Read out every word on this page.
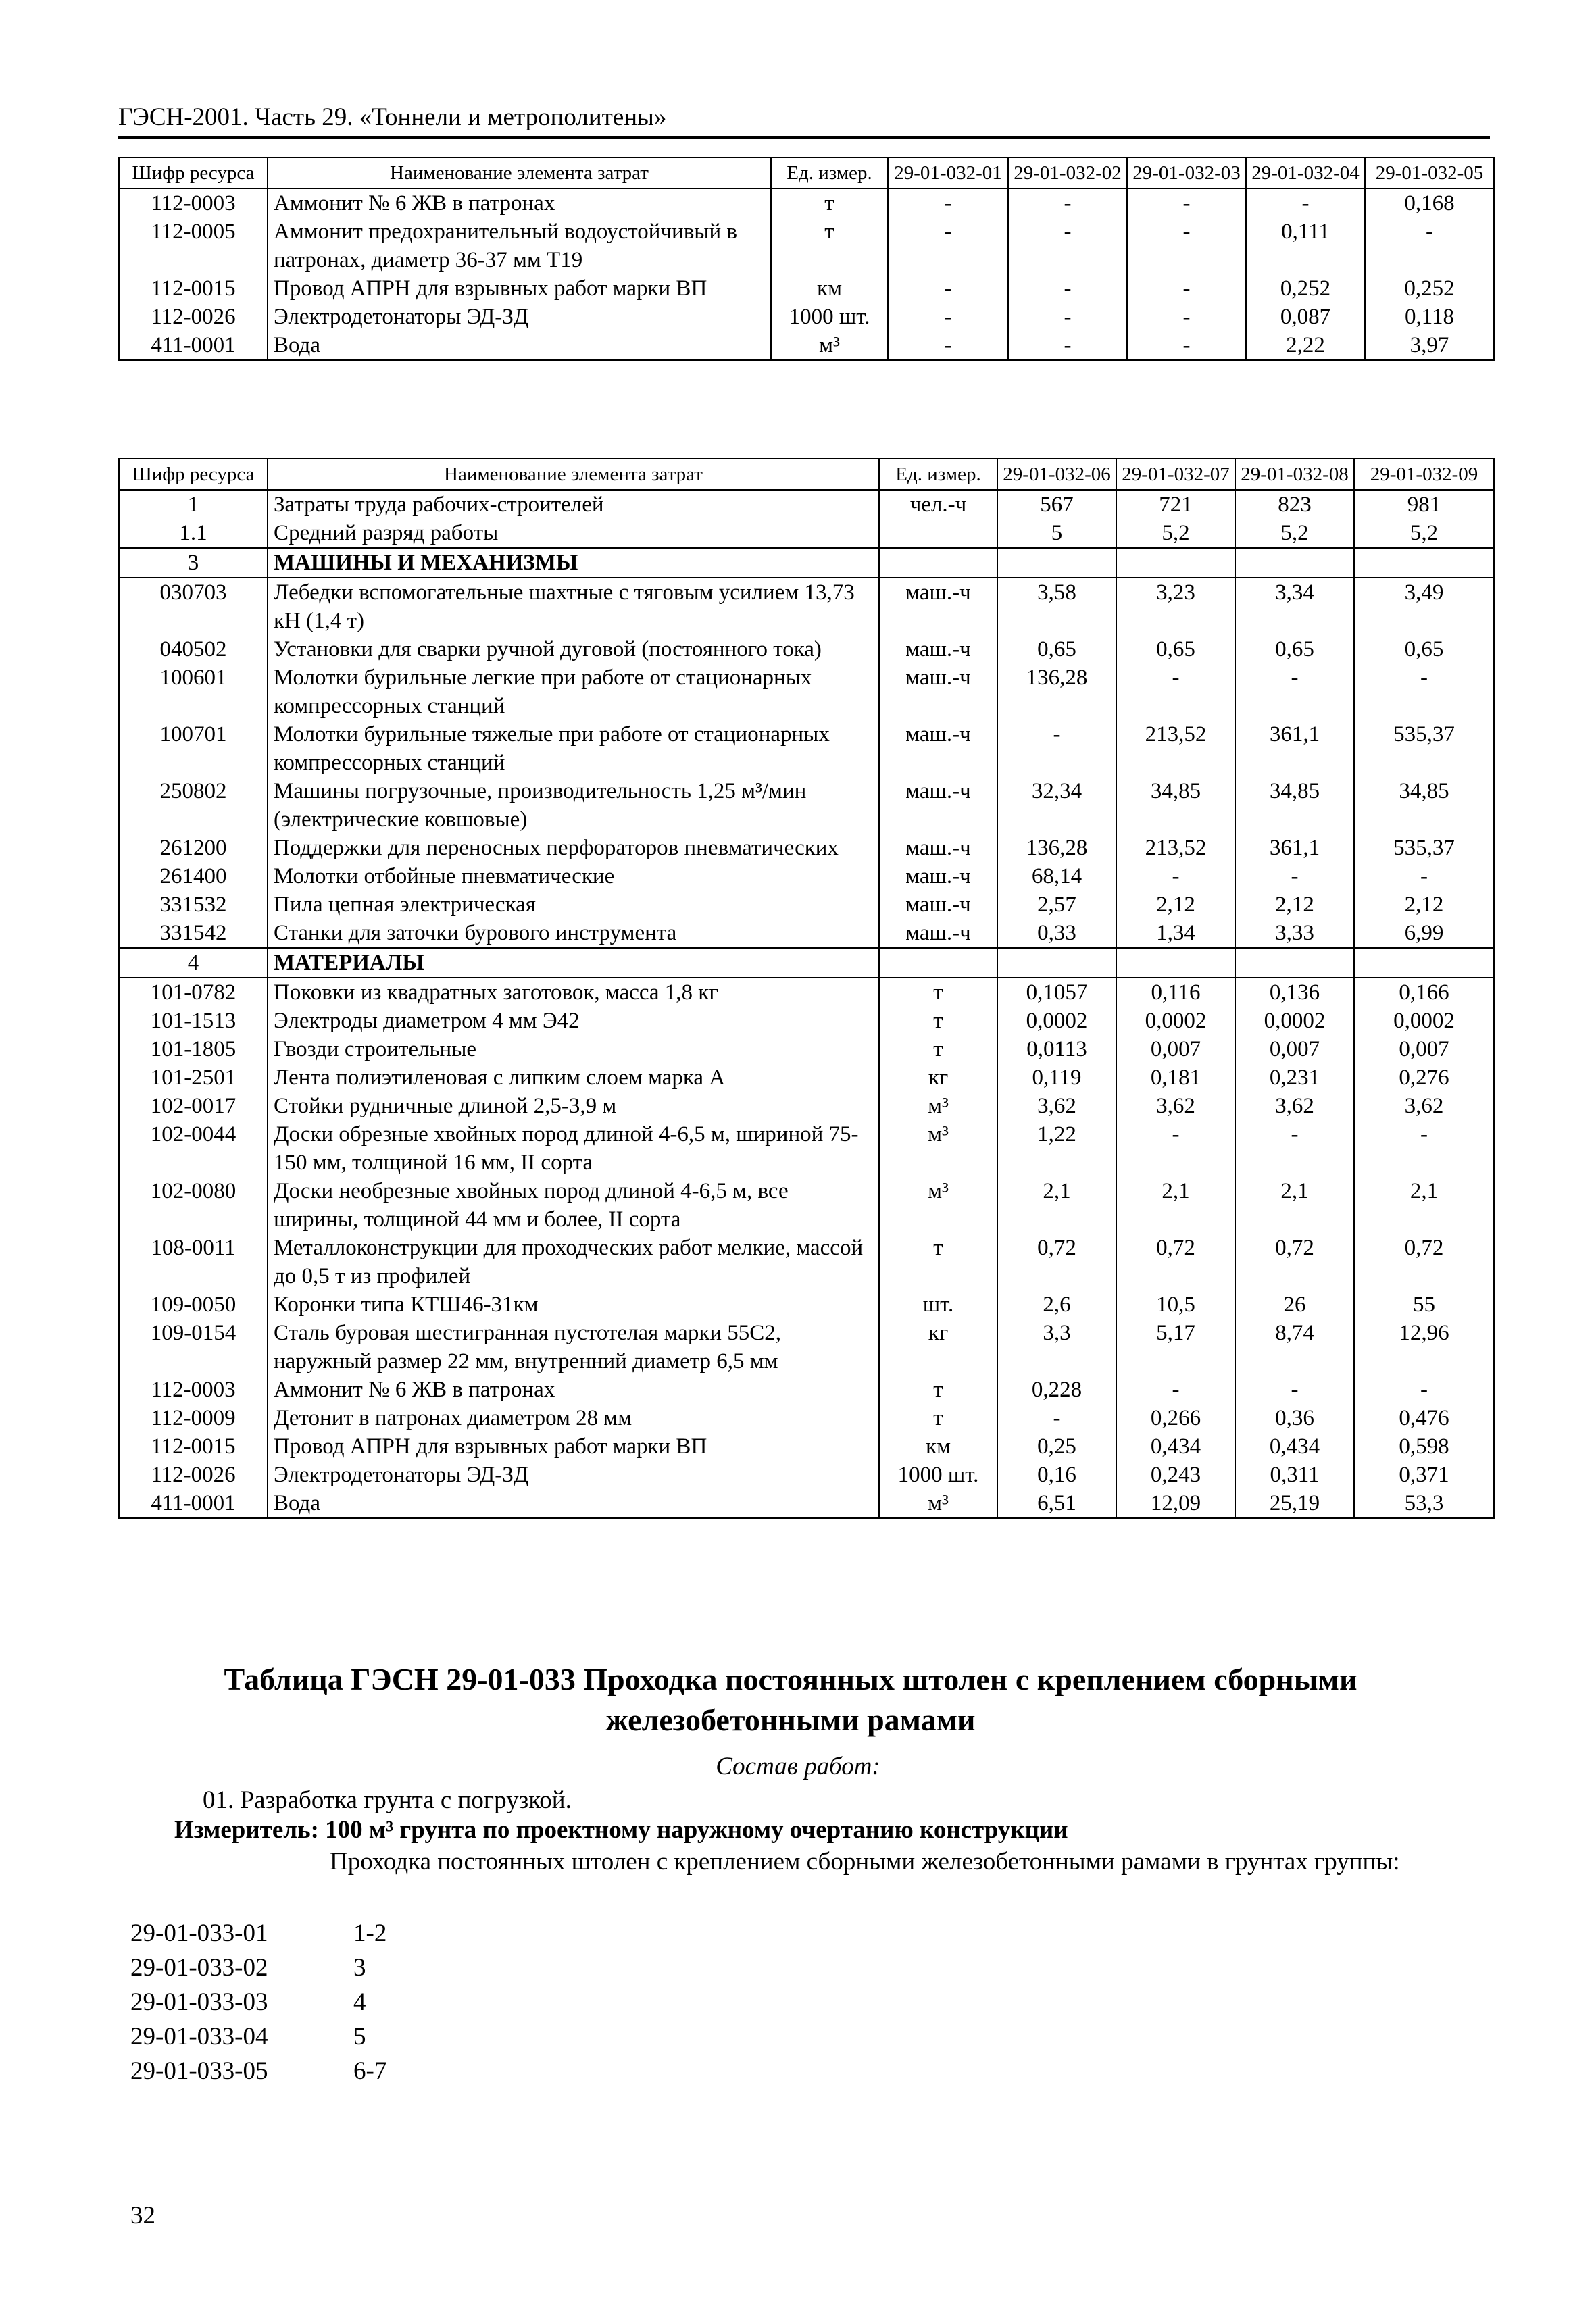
ГЭСН-2001. Часть 29. «Тоннели и метрополитены»
Шифр ресурса	Наименование элемента затрат	Ед. измер.	29-01-032-01	29-01-032-02	29-01-032-03	29-01-032-04	29-01-032-05
112-0003	Аммонит № 6 ЖВ в патронах	т	-	-	-	-	0,168
112-0005	Аммонит предохранительный водоустойчивый в патронах, диаметр 36-37 мм Т19	т	-	-	-	0,111	-
112-0015	Провод АПРН для взрывных работ марки ВП	км	-	-	-	0,252	0,252
112-0026	Электродетонаторы ЭД-3Д	1000 шт.	-	-	-	0,087	0,118
411-0001	Вода	м³	-	-	-	2,22	3,97
Шифр ресурса	Наименование элемента затрат	Ед. измер.	29-01-032-06	29-01-032-07	29-01-032-08	29-01-032-09
1	Затраты труда рабочих-строителей	чел.-ч	567	721	823	981
1.1	Средний разряд работы		5	5,2	5,2	5,2
3	МАШИНЫ И МЕХАНИЗМЫ					
030703	Лебедки вспомогательные шахтные с тяговым усилием 13,73 кН (1,4 т)	маш.-ч	3,58	3,23	3,34	3,49
040502	Установки для сварки ручной дуговой (постоянного тока)	маш.-ч	0,65	0,65	0,65	0,65
100601	Молотки бурильные легкие при работе от стационарных компрессорных станций	маш.-ч	136,28	-	-	-
100701	Молотки бурильные тяжелые при работе от стационарных компрессорных станций	маш.-ч	-	213,52	361,1	535,37
250802	Машины погрузочные, производительность 1,25 м³/мин (электрические ковшовые)	маш.-ч	32,34	34,85	34,85	34,85
261200	Поддержки для переносных перфораторов пневматических	маш.-ч	136,28	213,52	361,1	535,37
261400	Молотки отбойные пневматические	маш.-ч	68,14	-	-	-
331532	Пила цепная электрическая	маш.-ч	2,57	2,12	2,12	2,12
331542	Станки для заточки бурового инструмента	маш.-ч	0,33	1,34	3,33	6,99
4	МАТЕРИАЛЫ					
101-0782	Поковки из квадратных заготовок, масса 1,8 кг	т	0,1057	0,116	0,136	0,166
101-1513	Электроды диаметром 4 мм Э42	т	0,0002	0,0002	0,0002	0,0002
101-1805	Гвозди строительные	т	0,0113	0,007	0,007	0,007
101-2501	Лента полиэтиленовая с липким слоем марка А	кг	0,119	0,181	0,231	0,276
102-0017	Стойки рудничные длиной 2,5-3,9 м	м³	3,62	3,62	3,62	3,62
102-0044	Доски обрезные хвойных пород длиной 4-6,5 м, шириной 75-150 мм, толщиной 16 мм, II сорта	м³	1,22	-	-	-
102-0080	Доски необрезные хвойных пород длиной 4-6,5 м, все ширины, толщиной 44 мм и более, II сорта	м³	2,1	2,1	2,1	2,1
108-0011	Металлоконструкции для проходческих работ мелкие, массой до 0,5 т из профилей	т	0,72	0,72	0,72	0,72
109-0050	Коронки типа КТШ46-31км	шт.	2,6	10,5	26	55
109-0154	Сталь буровая шестигранная пустотелая марки 55С2, наружный размер 22 мм, внутренний диаметр 6,5 мм	кг	3,3	5,17	8,74	12,96
112-0003	Аммонит № 6 ЖВ в патронах	т	0,228	-	-	-
112-0009	Детонит в патронах диаметром 28 мм	т	-	0,266	0,36	0,476
112-0015	Провод АПРН для взрывных работ марки ВП	км	0,25	0,434	0,434	0,598
112-0026	Электродетонаторы ЭД-3Д	1000 шт.	0,16	0,243	0,311	0,371
411-0001	Вода	м³	6,51	12,09	25,19	53,3
Таблица ГЭСН 29-01-033 Проходка постоянных штолен с креплением сборными железобетонными рамами
Состав работ:
01. Разработка грунта с погрузкой.
Измеритель: 100 м³ грунта по проектному наружному очертанию конструкции
Проходка постоянных штолен с креплением сборными железобетонными рамами в грунтах группы:
29-01-033-01	1-2
29-01-033-02	3
29-01-033-03	4
29-01-033-04	5
29-01-033-05	6-7
32
